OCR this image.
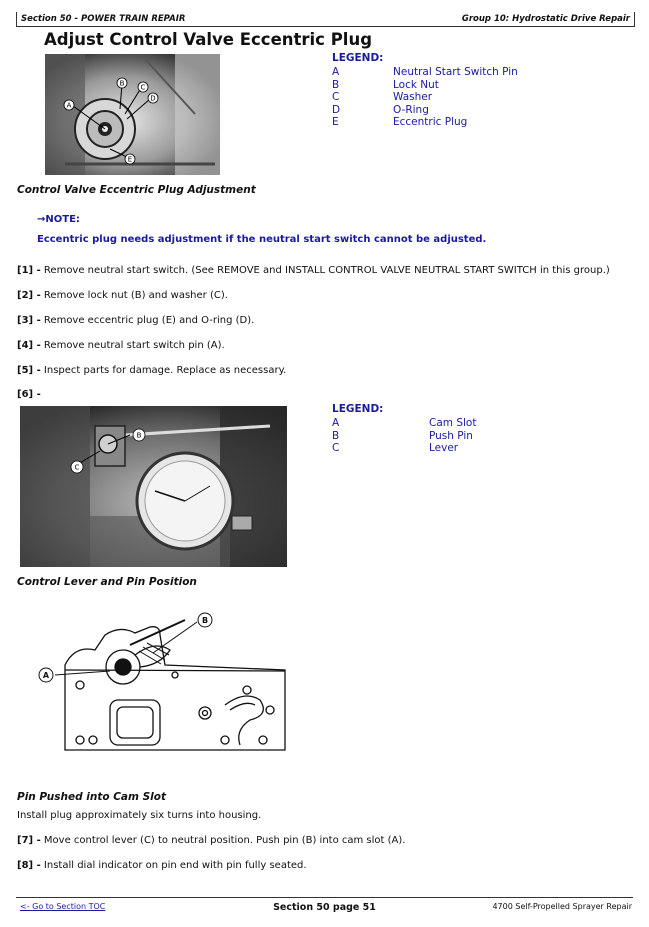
Section 50 - POWER TRAIN REPAIR	Group 10: Hydrostatic Drive Repair
Adjust Control Valve Eccentric Plug
A
B C
D
E
LEGEND:
A	Neutral Start Switch Pin
B	Lock Nut
C	Washer
D	O-Ring
E	Eccentric Plug
Control Valve Eccentric Plug Adjustment
→NOTE:
Eccentric plug needs adjustment if the neutral start switch cannot be adjusted.
[1] - Remove neutral start switch. (See REMOVE and INSTALL CONTROL VALVE NEUTRAL START SWITCH in this group.)
[2] - Remove lock nut (B) and washer (C).
[3] - Remove eccentric plug (E) and O-ring (D).
[4] - Remove neutral start switch pin (A).
[5] - Inspect parts for damage. Replace as necessary.
[6] -
B
C
LEGEND:
A	Cam Slot
B	Push Pin
C	Lever
Control Lever and Pin Position
A
B
Pin Pushed into Cam Slot
Install plug approximately six turns into housing.
[7] - Move control lever (C) to neutral position. Push pin (B) into cam slot (A).
[8] - Install dial indicator on pin end with pin fully seated.
<- Go to Section TOC	Section 50 page 51	4700 Self-Propelled Sprayer Repair
